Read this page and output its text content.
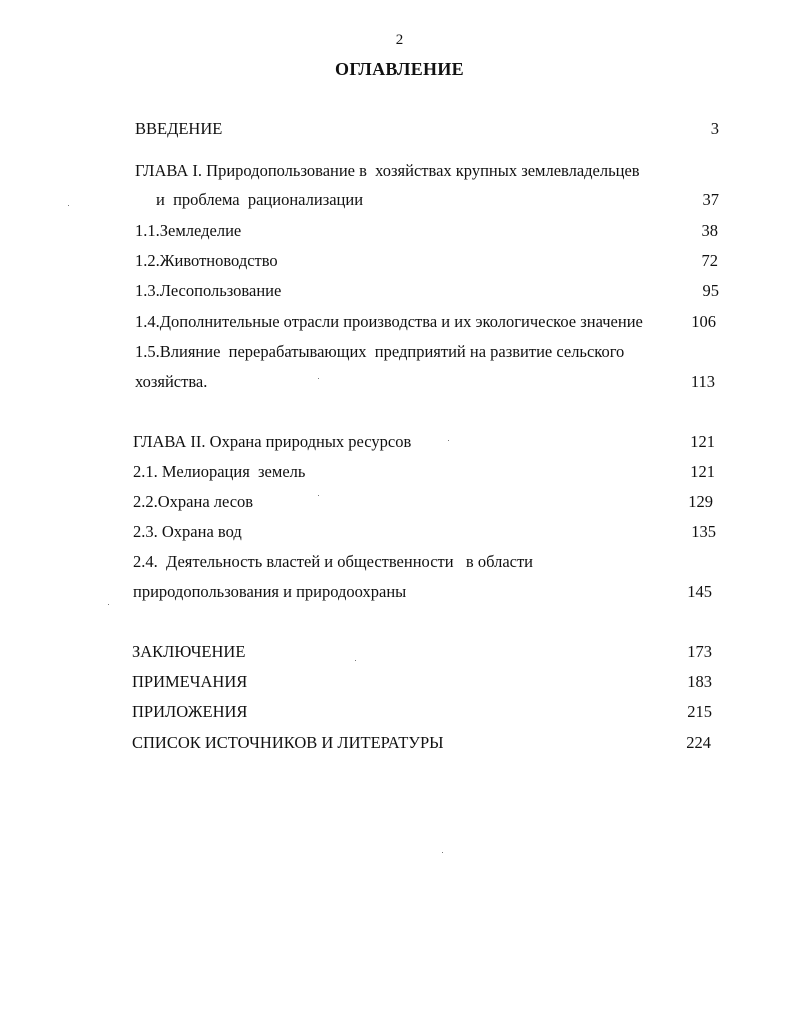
2
ОГЛАВЛЕНИЕ
ВВЕДЕНИЕ	3
ГЛАВА I. Природопользование в  хозяйствах крупных землевладельцев
и  проблема  рационализации	37
1.1.Земледелие	38
1.2.Животноводство	72
1.3.Лесопользование	95
1.4.Дополнительные отрасли производства и их экологическое значение	106
1.5.Влияние  перерабатывающих  предприятий на развитие сельского
хозяйства.	113
ГЛАВА II. Охрана природных ресурсов	121
2.1. Мелиорация  земель	121
2.2.Охрана лесов	129
2.3. Охрана вод	135
2.4.  Деятельность властей и общественности   в области
природопользования и природоохраны	145
ЗАКЛЮЧЕНИЕ	173
ПРИМЕЧАНИЯ	183
ПРИЛОЖЕНИЯ	215
СПИСОК ИСТОЧНИКОВ И ЛИТЕРАТУРЫ	224
